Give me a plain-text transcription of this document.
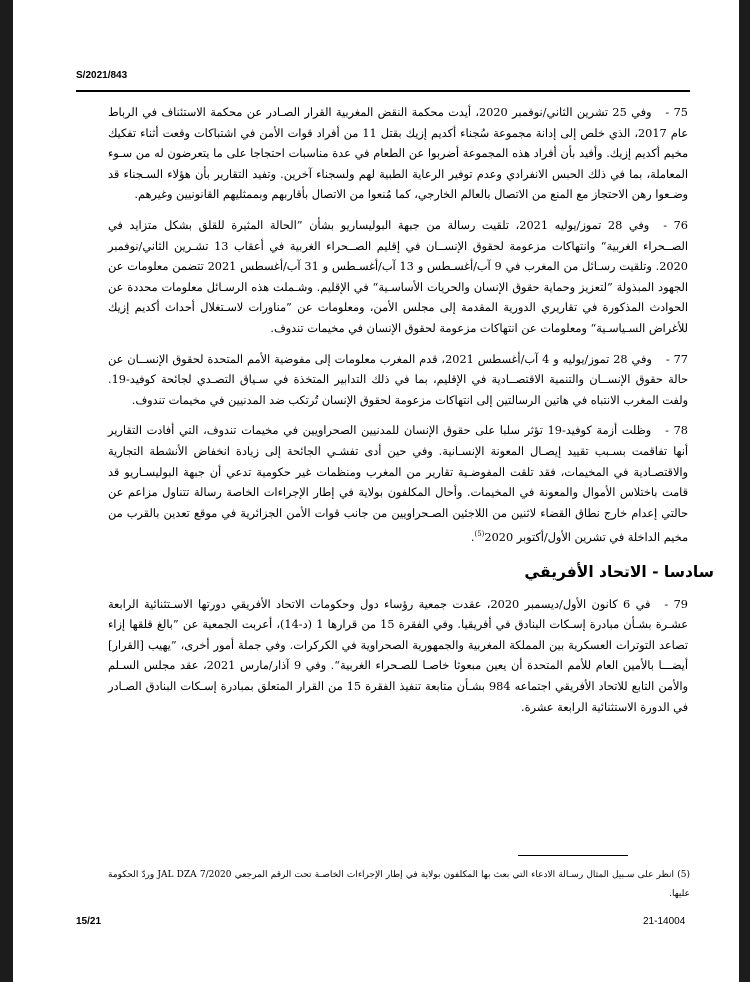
S/2021/843

75 -وفي 25 تشرين الثاني/نوفمبر 2020، أيدت محكمة النقض المغربية القرار الصـادر عن محكمة الاستئناف في الرباط عام 2017، الذي خلص إلى إدانة مجموعة سُجناء أكديم إزيك بقتل 11 من أفراد قوات الأمن في اشتباكات وقعت أثناء تفكيك مخيم أكديم إزيك. وأفيد بأن أفراد هذه المجموعة أضربوا عن الطعام في عدة مناسبات احتجاجا على ما يتعرضون له من سـوء المعاملة، بما في ذلك الحبس الانفرادي وعدم توفير الرعاية الطبية لهم ولسجناء آخرين. وتفيد التقارير بأن هؤلاء السـجناء قد وضـعوا رهن الاحتجاز مع المنع من الاتصال بالعالم الخارجي، كما مُنعوا من الاتصال بأقاربهم وبممثليهم القانونيين وغيرهم.

76 -وفي 28 تموز/يوليه 2021، تلقيت رسالة من جبهة البوليساريو بشأن ”الحالة المثيرة للقلق بشكل متزايد في الصــحراء الغربية“ وانتهاكات مزعومة لحقوق الإنســان في إقليم الصــحراء الغربية في أعقاب 13 تشـرين الثاني/نوفمبر 2020. وتلقيت رسـائل من المغرب في 9 آب/أغسـطس و 13 آب/أغسـطس و 31 آب/أغسطس 2021 تتضمن معلومات عن الجهود المبذولة ”لتعزيز وحماية حقوق الإنسان والحريات الأساسـية“ في الإقليم. وشـملت هذه الرسـائل معلومات محددة عن الحوادث المذكورة في تقاريري الدورية المقدمة إلى مجلس الأمن، ومعلومات عن ”مناورات لاسـتغلال أحداث أكديم إزيك للأغراض السـياسـية“ ومعلومات عن انتهاكات مزعومة لحقوق الإنسان في مخيمات تندوف.

77 -وفي 28 تموز/يوليه و 4 آب/أغسطس 2021، قدم المغرب معلومات إلى مفوضية الأمم المتحدة لحقوق الإنســان عن حالة حقوق الإنســان والتنمية الاقتصــادية في الإقليم، بما في ذلك التدابير المتخذة في سـياق التصـدي لجائحة كوفيد-19. ولفت المغرب الانتباه في هاتين الرسالتين إلى انتهاكات مزعومة لحقوق الإنسان تُرتكب ضد المدنيين في مخيمات تندوف.

78 -وظلت أزمة كوفيد-19 تؤثر سلبا على حقوق الإنسان للمدنيين الصحراويين في مخيمات تندوف، التي أفادت التقارير أنها تفاقمت بسـبب تقييد إيصـال المعونة الإنسـانية. وفي حين أدى تفشـي الجائحة إلى زيادة انخفاض الأنشطة التجارية والاقتصـادية في المخيمات، فقد تلقت المفوضـية تقارير من المغرب ومنظمات غير حكومية تدعي أن جبهة البوليسـاريو قد قامت باختلاس الأموال والمعونة في المخيمات. وأحال المكلفون بولاية في إطار الإجراءات الخاصة رسالة تتناول مزاعم عن حالتي إعدام خارج نطاق القضاء لاثنين من اللاجئين الصـحراويين من جانب قوات الأمن الجزائرية في موقع تعدين بالقرب من مخيم الداخلة في تشرين الأول/أكتوبر 2020$^{(5)}$.

سادسا - الاتحاد الأفريقي

79 -في 6 كانون الأول/ديسمبر 2020، عقدت جمعية رؤساء دول وحكومات الاتحاد الأفريقي دورتها الاسـتثنائية الرابعة عشـرة بشـأن مبادرة إسـكات البنادق في أفريقيا. وفي الفقرة 15 من قرارها 1 (د-14)، أعربت الجمعية عن ”بالغ قلقها إزاء تصاعد التوترات العسكرية بين المملكة المغربية والجمهورية الصحراوية في الكركرات. وفي جملة أمور أخرى، ”يهيب [القرار] أيضـــا بالأمين العام للأمم المتحدة أن يعين مبعوثا خاصـا للصـحراء الغربية“. وفي 9 آذار/مارس 2021، عقد مجلس السـلم والأمن التابع للاتحاد الأفريقي اجتماعه 984 بشـأن متابعة تنفيذ الفقرة 15 من القرار المتعلق بمبادرة إسـكات البنادق الصـادر في الدورة الاستثنائية الرابعة عشرة.

(5) انظر على سـبيل المثال رسـالة الادعاء التي بعث بها المكلفون بولاية في إطار الإجراءات الخاصـة تحت الرقم المرجعي JAL DZA 7/2020 وردّ الحكومة عليها.
15/21	21-14004
